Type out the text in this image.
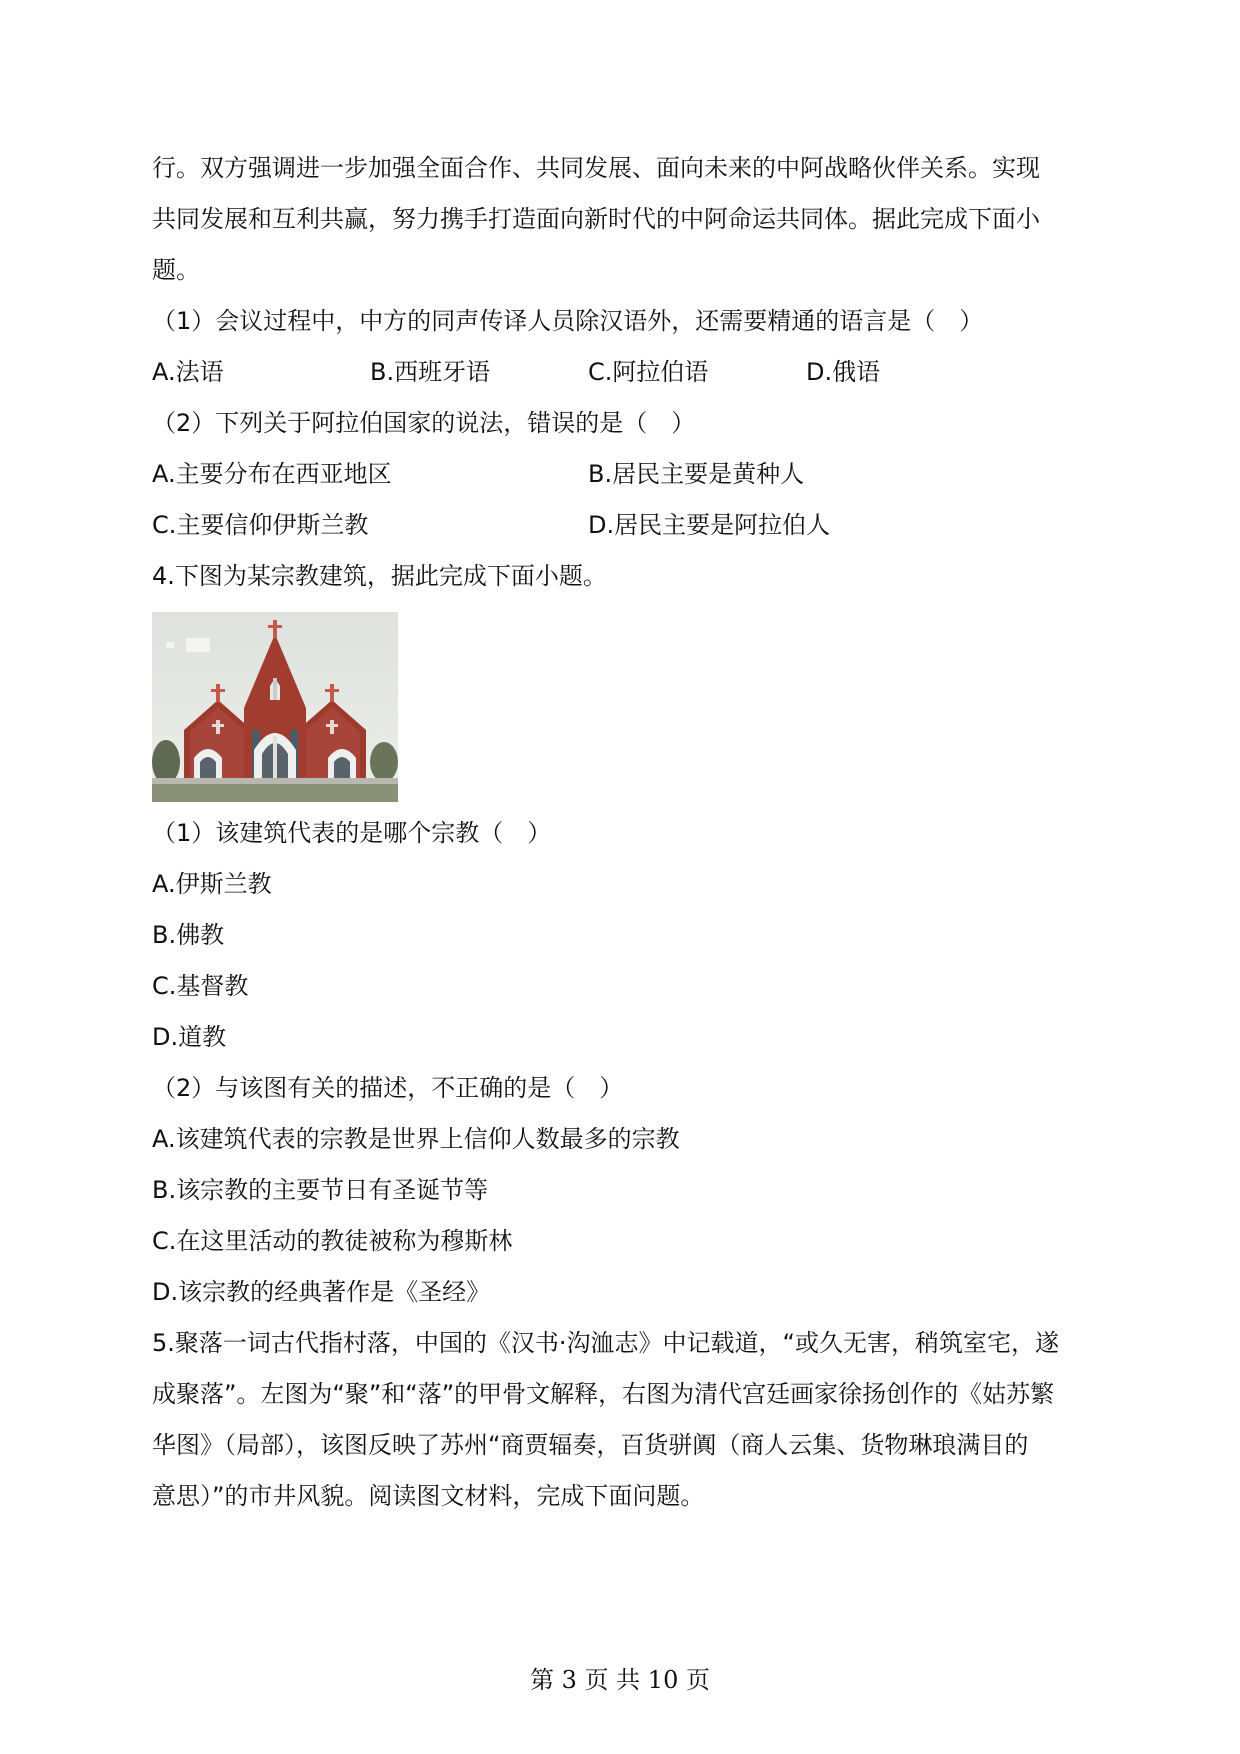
行。双方强调进一步加强全面合作、共同发展、面向未来的中阿战略伙伴关系。实现

共同发展和互利共赢，努力携手打造面向新时代的中阿命运共同体。据此完成下面小

题。

（1）会议过程中，中方的同声传译人员除汉语外，还需要精通的语言是（　）

A.法语	B.西班牙语	C.阿拉伯语	D.俄语

（2）下列关于阿拉伯国家的说法，错误的是（　）

A.主要分布在西亚地区	B.居民主要是黄种人
C.主要信仰伊斯兰教	D.居民主要是阿拉伯人

4.下图为某宗教建筑，据此完成下面小题。

（1）该建筑代表的是哪个宗教（　）

A.伊斯兰教

B.佛教

C.基督教

D.道教

（2）与该图有关的描述，不正确的是（　）

A.该建筑代表的宗教是世界上信仰人数最多的宗教

B.该宗教的主要节日有圣诞节等

C.在这里活动的教徒被称为穆斯林

D.该宗教的经典著作是《圣经》

5.聚落一词古代指村落，中国的《汉书·沟洫志》中记载道，“或久无害，稍筑室宅，遂

成聚落”。左图为“聚”和“落”的甲骨文解释，右图为清代宫廷画家徐扬创作的《姑苏繁

华图》（局部），该图反映了苏州“商贾辐奏，百货骈阗（商人云集、货物琳琅满目的

意思）”的市井风貌。阅读图文材料，完成下面问题。

第 3 页 共 10 页
